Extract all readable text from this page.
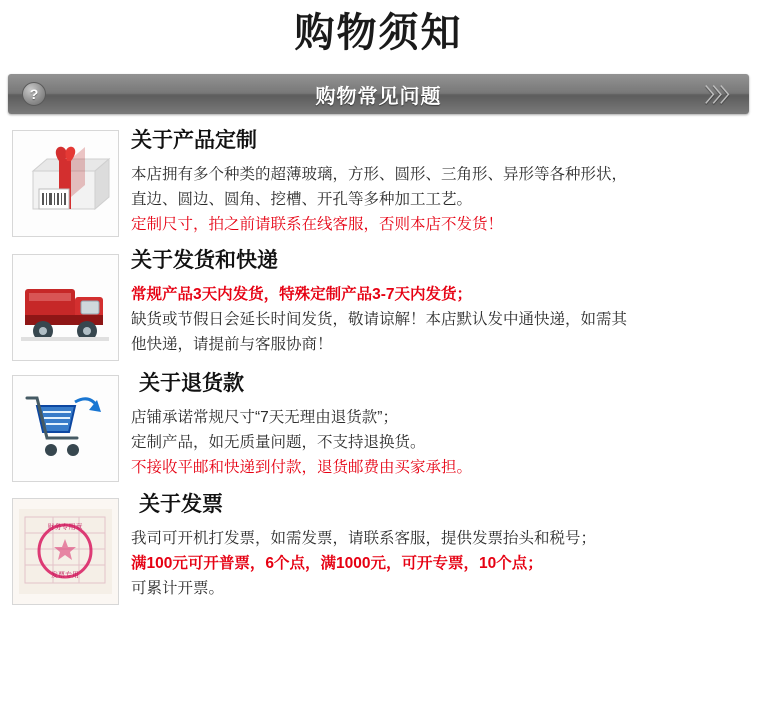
购物须知
?	购物常见问题	〉〉〉
关于产品定制
本店拥有多个种类的超薄玻璃，方形、圆形、三角形、异形等各种形状，
直边、圆边、圆角、挖槽、开孔等多种加工工艺。
定制尺寸，拍之前请联系在线客服，否则本店不发货！
关于发货和快递
常规产品3天内发货，特殊定制产品3-7天内发货；
缺货或节假日会延长时间发货，敬请谅解！本店默认发中通快递，如需其
他快递，请提前与客服协商！
关于退货款
店铺承诺常规尺寸“7天无理由退货款”；
定制产品，如无质量问题，不支持退换货。
不接收平邮和快递到付款，退货邮费由买家承担。
财务专用章
发票专用
关于发票
我司可开机打发票，如需发票，请联系客服，提供发票抬头和税号；
满100元可开普票，6个点，满1000元，可开专票，10个点；
可累计开票。
